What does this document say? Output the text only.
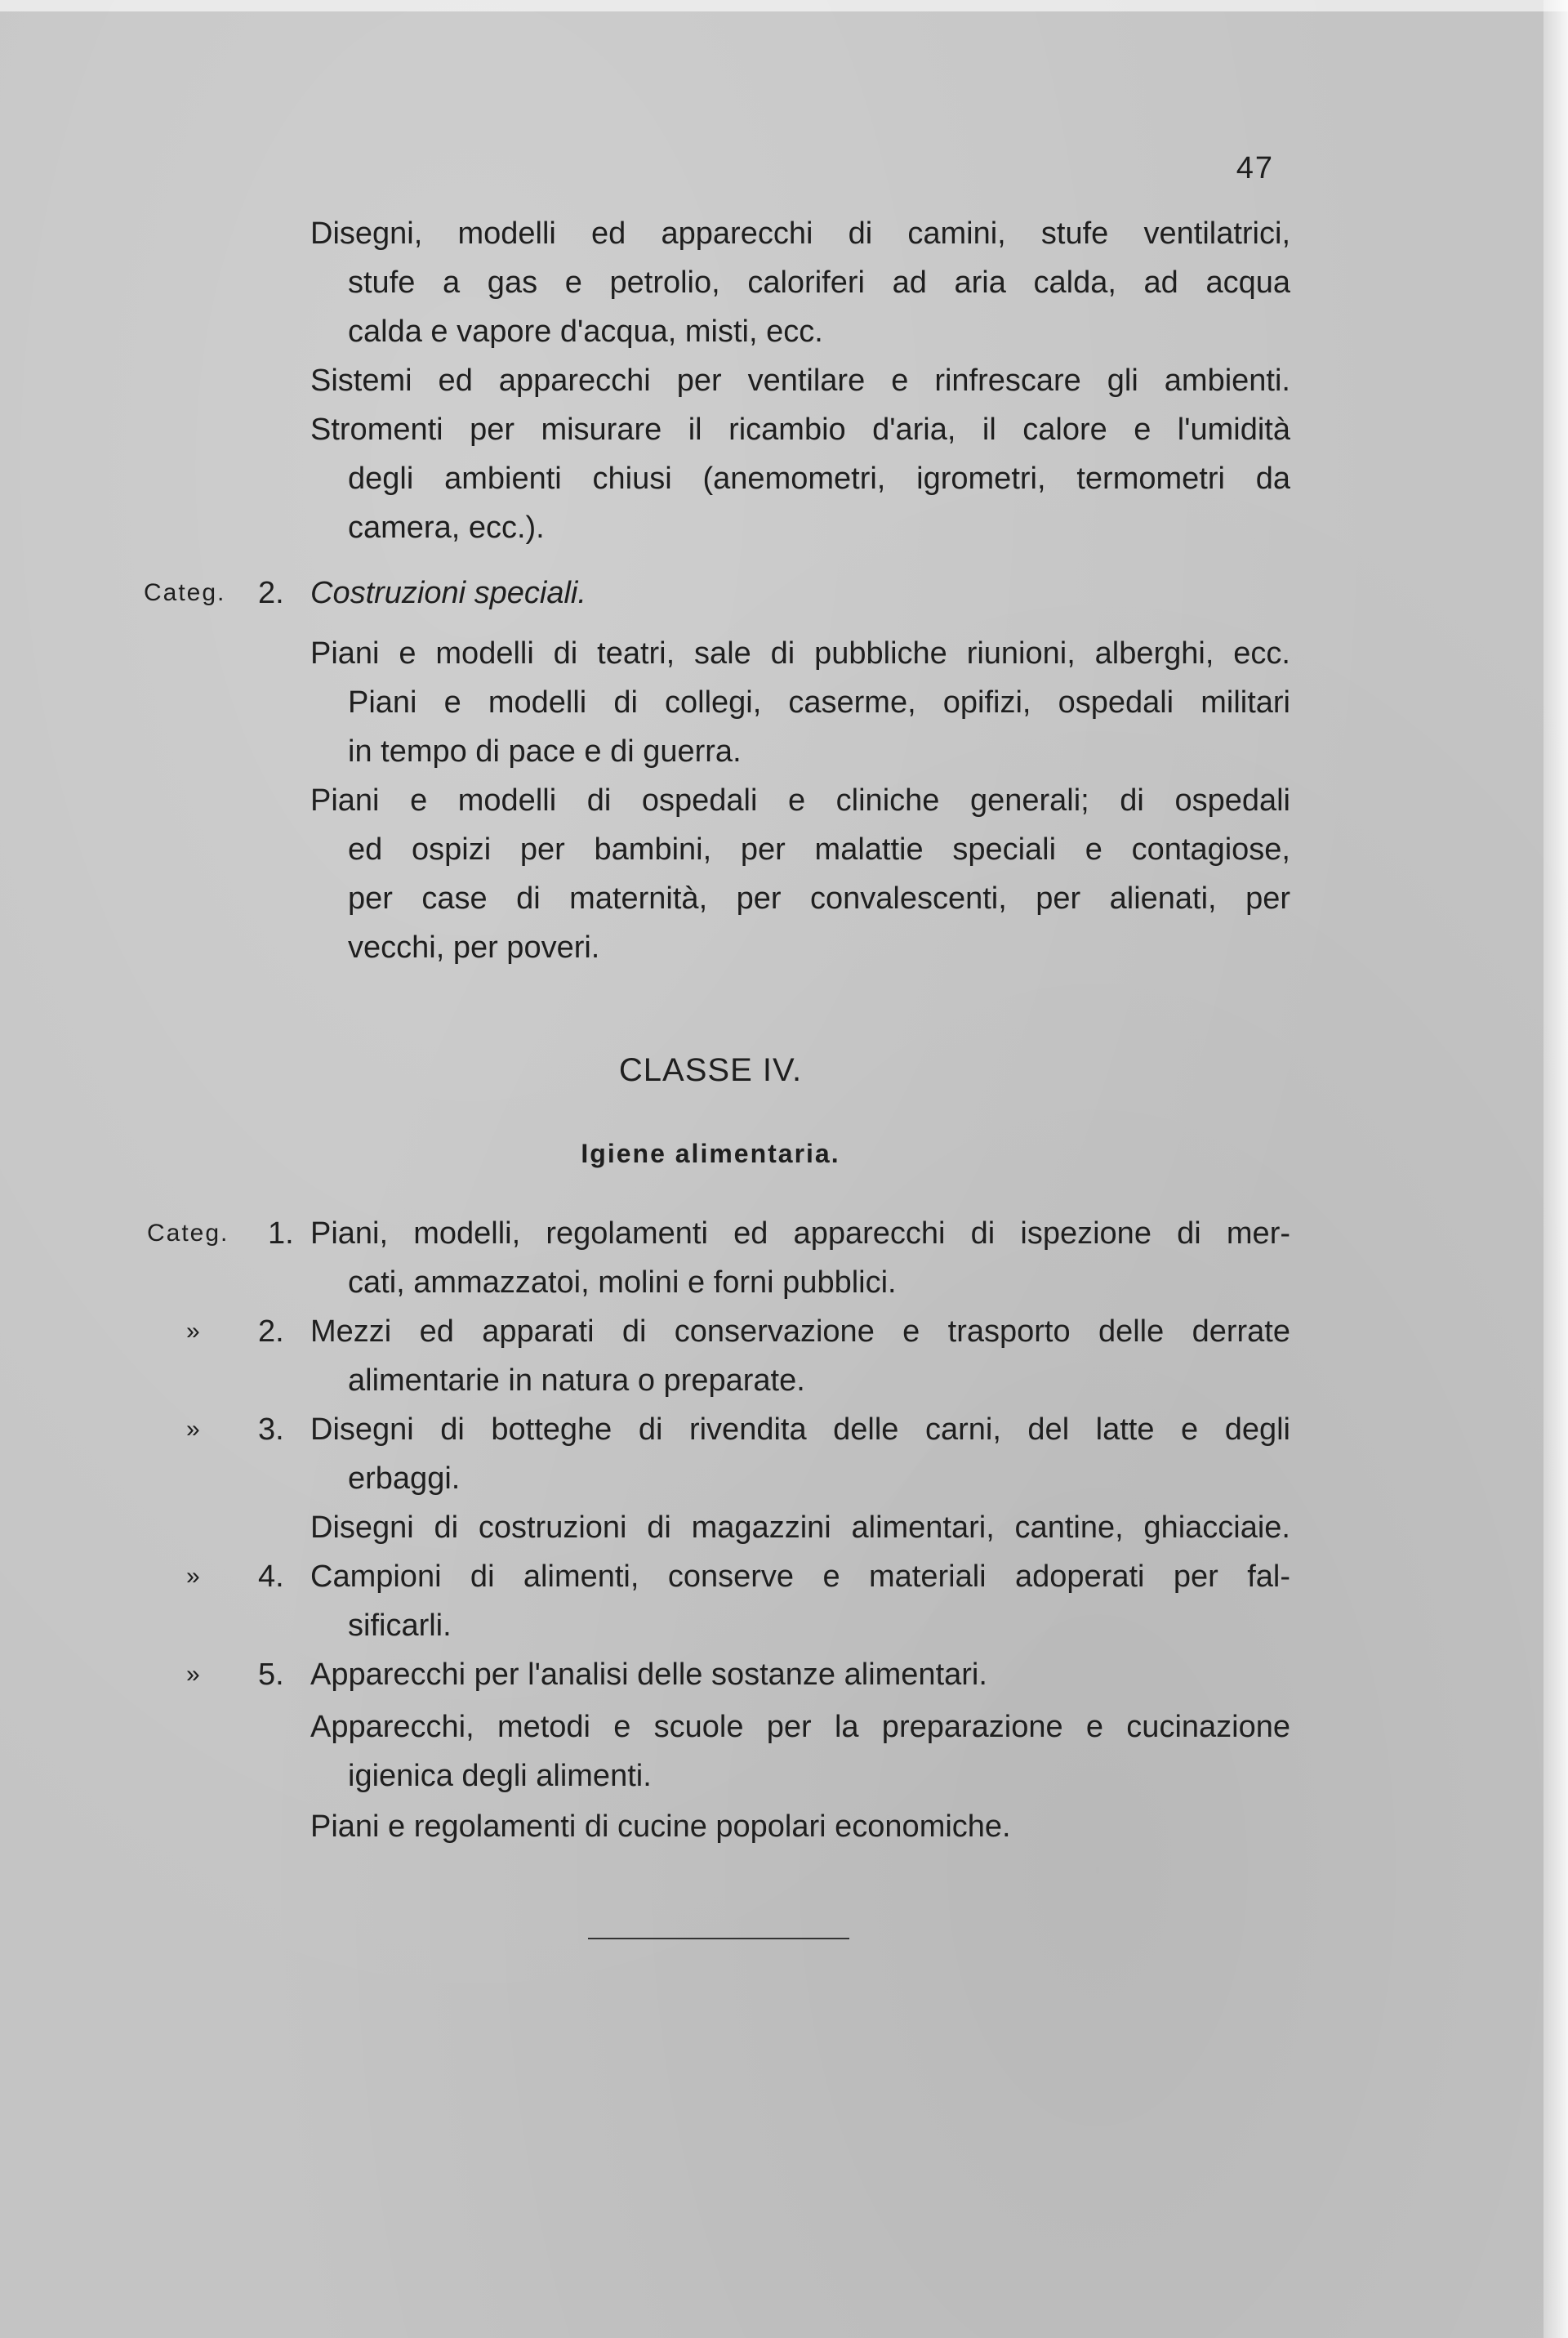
47
Disegni, modelli ed apparecchi di camini, stufe ventilatrici,
stufe a gas e petrolio, caloriferi ad aria calda, ad acqua
calda e vapore d'acqua, misti, ecc.
Sistemi ed apparecchi per ventilare e rinfrescare gli ambienti.
Stromenti per misurare il ricambio d'aria, il calore e l'umidità
degli ambienti chiusi (anemometri, igrometri, termometri da
camera, ecc.).
Categ. 2. Costruzioni speciali.
Piani e modelli di teatri, sale di pubbliche riunioni, alberghi, ecc.
Piani e modelli di collegi, caserme, opifizi, ospedali militari
in tempo di pace e di guerra.
Piani e modelli di ospedali e cliniche generali; di ospedali
ed ospizi per bambini, per malattie speciali e contagiose,
per case di maternità, per convalescenti, per alienati, per
vecchi, per poveri.
CLASSE IV.
Igiene alimentaria.
Categ. 1. Piani, modelli, regolamenti ed apparecchi di ispezione di mer-
cati, ammazzatoi, molini e forni pubblici.
» 2. Mezzi ed apparati di conservazione e trasporto delle derrate
alimentarie in natura o preparate.
» 3. Disegni di botteghe di rivendita delle carni, del latte e degli
erbaggi.
Disegni di costruzioni di magazzini alimentari, cantine, ghiacciaie.
» 4. Campioni di alimenti, conserve e materiali adoperati per fal-
sificarli.
» 5. Apparecchi per l'analisi delle sostanze alimentari.
Apparecchi, metodi e scuole per la preparazione e cucinazione
igienica degli alimenti.
Piani e regolamenti di cucine popolari economiche.
